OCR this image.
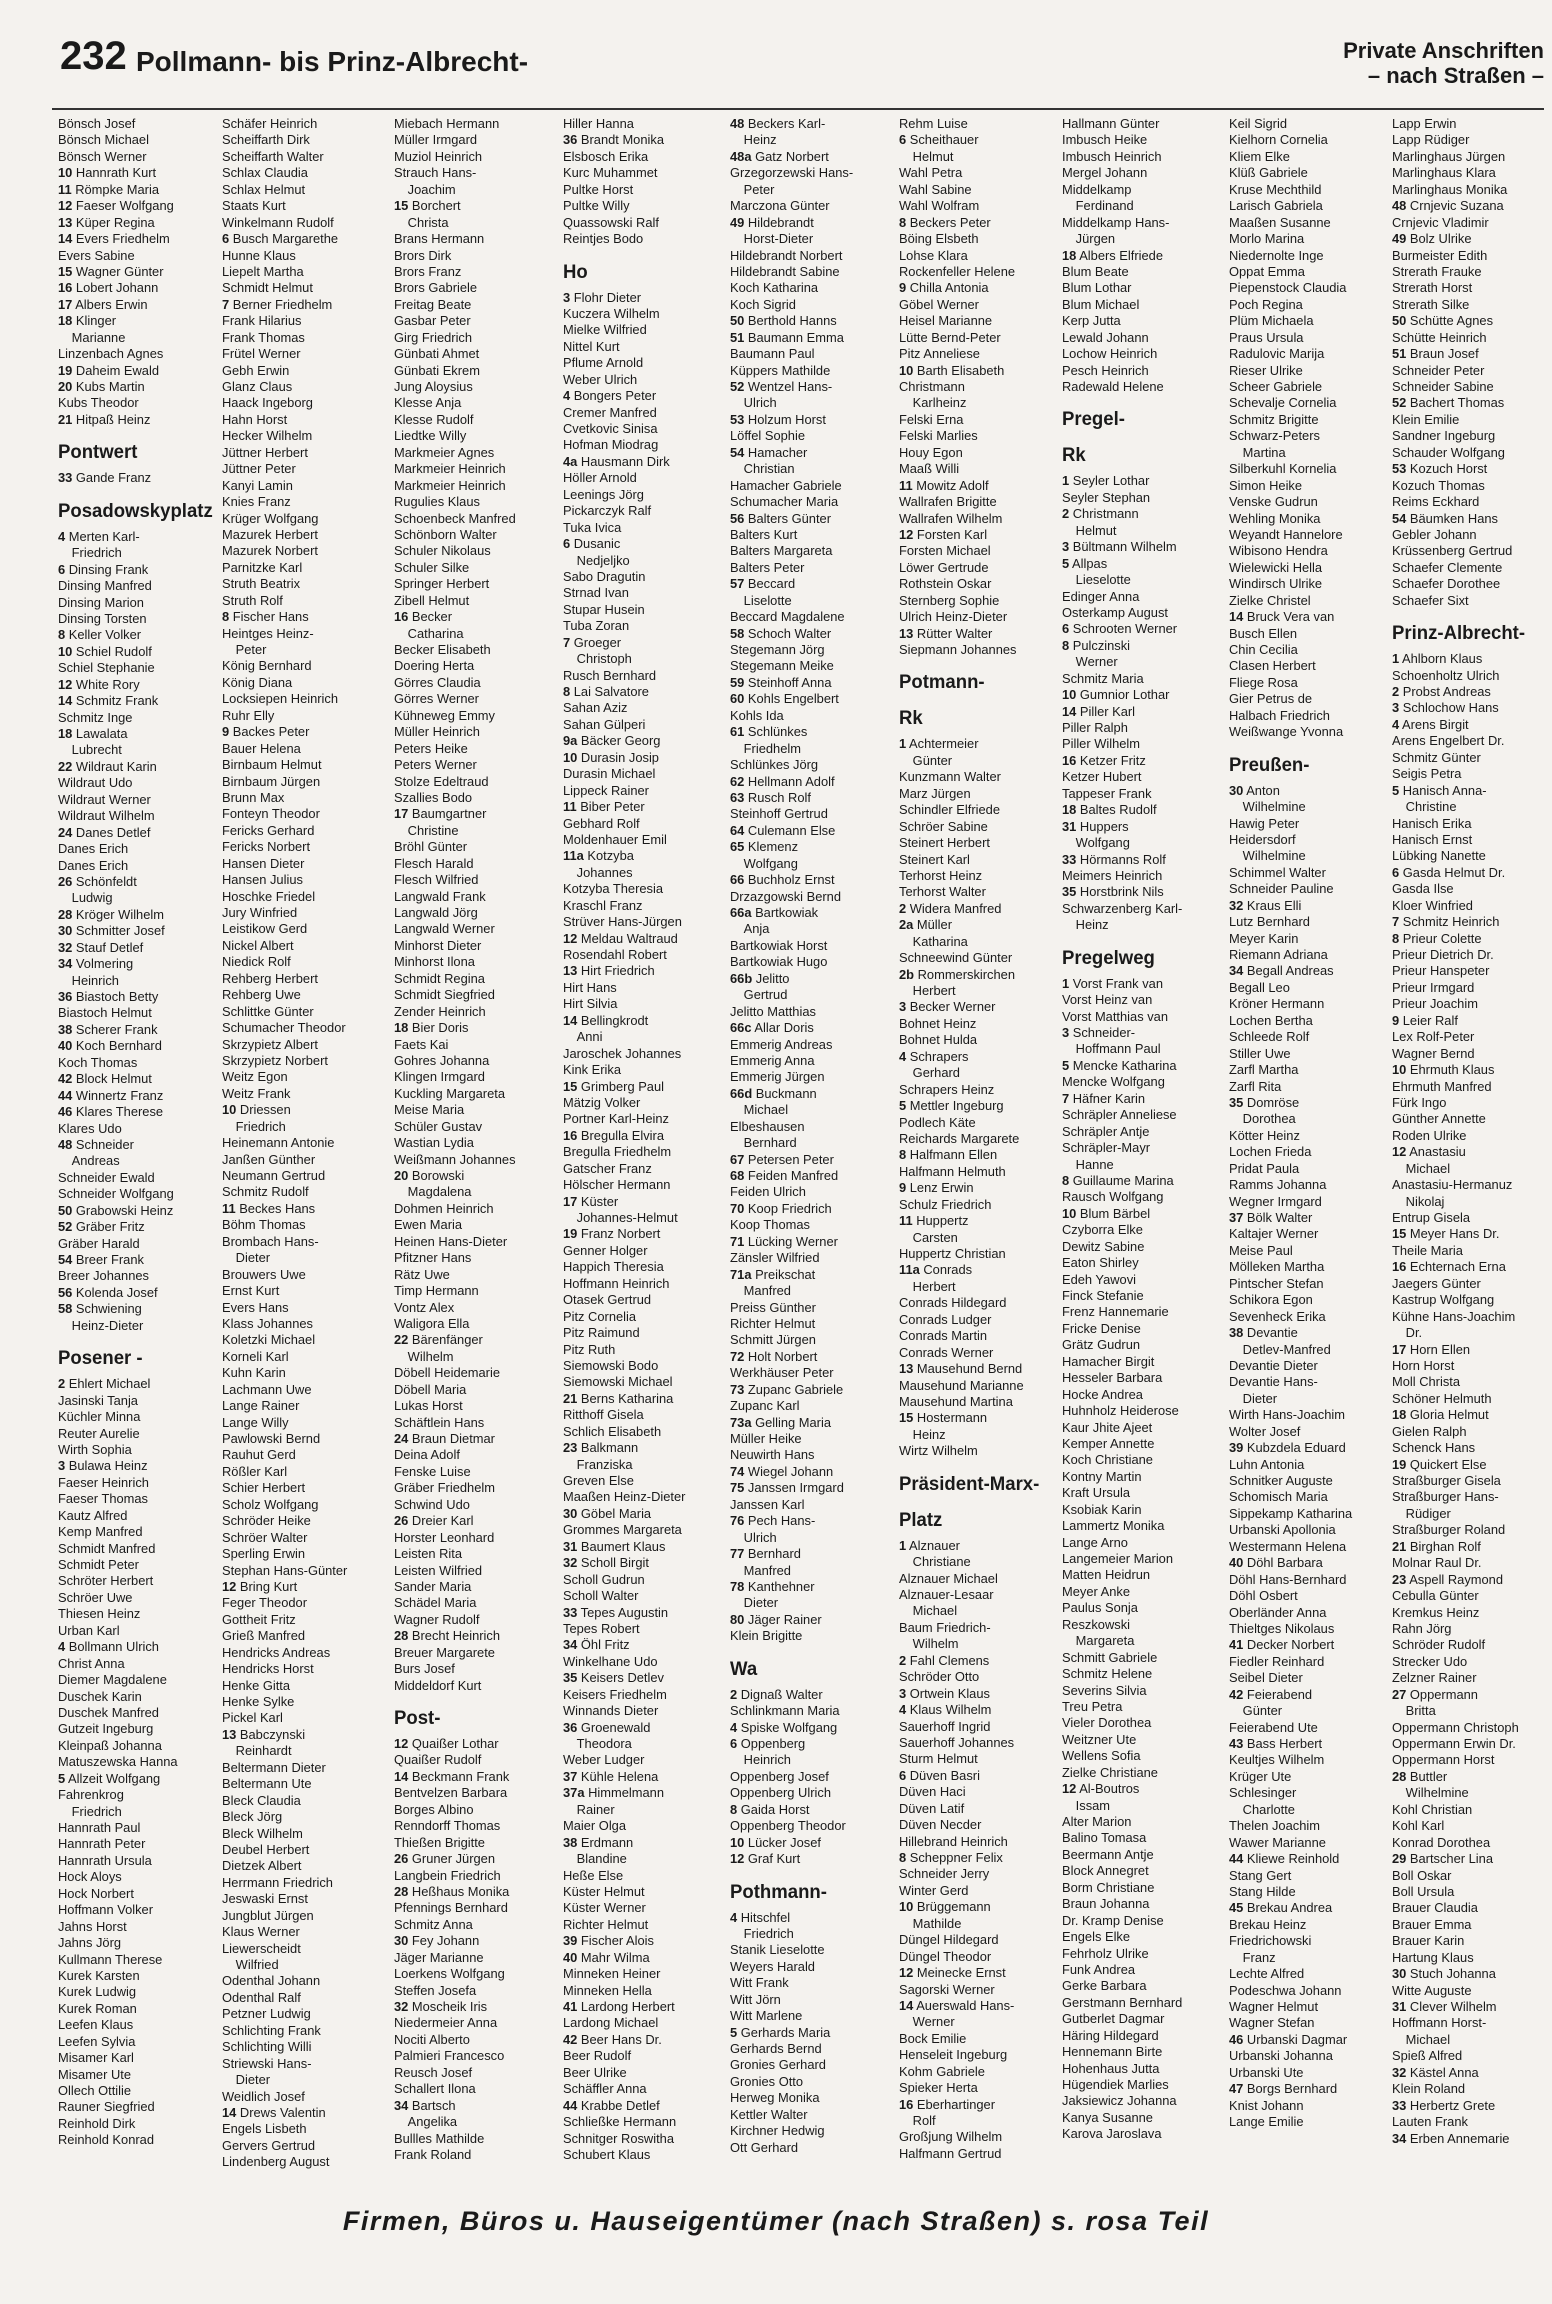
232 Pollmann- bis Prinz-Albrecht-	Private Anschriften
– nach Straßen –
Bönsch Josef
Bönsch Michael
Bönsch Werner
10 Hannrath Kurt
11 Römpke Maria
12 Faeser Wolfgang
13 Küper Regina
14 Evers Friedhelm
Evers Sabine
15 Wagner Günter
16 Lobert Johann
17 Albers Erwin
18 Klinger
Marianne
Linzenbach Agnes
19 Daheim Ewald
20 Kubs Martin
Kubs Theodor
21 Hitpaß Heinz
Pontwert
33 Gande Franz
Posadowskyplatz
4 Merten Karl-
Friedrich
6 Dinsing Frank
Dinsing Manfred
Dinsing Marion
Dinsing Torsten
8 Keller Volker
10 Schiel Rudolf
Schiel Stephanie
12 White Rory
14 Schmitz Frank
Schmitz Inge
18 Lawalata
Lubrecht
22 Wildraut Karin
Wildraut Udo
Wildraut Werner
Wildraut Wilhelm
24 Danes Detlef
Danes Erich
Danes Erich
26 Schönfeldt
Ludwig
28 Kröger Wilhelm
30 Schmitter Josef
32 Stauf Detlef
34 Volmering
Heinrich
36 Biastoch Betty
Biastoch Helmut
38 Scherer Frank
40 Koch Bernhard
Koch Thomas
42 Block Helmut
44 Winnertz Franz
46 Klares Therese
Klares Udo
48 Schneider
Andreas
Schneider Ewald
Schneider Wolfgang
50 Grabowski Heinz
52 Gräber Fritz
Gräber Harald
54 Breer Frank
Breer Johannes
56 Kolenda Josef
58 Schwiening
Heinz-Dieter
Posener -
2 Ehlert Michael
Jasinski Tanja
Küchler Minna
Reuter Aurelie
Wirth Sophia
3 Bulawa Heinz
Faeser Heinrich
Faeser Thomas
Kautz Alfred
Kemp Manfred
Schmidt Manfred
Schmidt Peter
Schröter Herbert
Schröer Uwe
Thiesen Heinz
Urban Karl
4 Bollmann Ulrich
Christ Anna
Diemer Magdalene
Duschek Karin
Duschek Manfred
Gutzeit Ingeburg
Kleinpaß Johanna
Matuszewska Hanna
5 Allzeit Wolfgang
Fahrenkrog
Friedrich
Hannrath Paul
Hannrath Peter
Hannrath Ursula
Hock Aloys
Hock Norbert
Hoffmann Volker
Jahns Horst
Jahns Jörg
Kullmann Therese
Kurek Karsten
Kurek Ludwig
Kurek Roman
Leefen Klaus
Leefen Sylvia
Misamer Karl
Misamer Ute
Ollech Ottilie
Rauner Siegfried
Reinhold Dirk
Reinhold Konrad
Schäfer Heinrich
Scheiffarth Dirk
Scheiffarth Walter
Schlax Claudia
Schlax Helmut
Staats Kurt
Winkelmann Rudolf
6 Busch Margarethe
Hunne Klaus
Liepelt Martha
Schmidt Helmut
7 Berner Friedhelm
Frank Hilarius
Frank Thomas
Frütel Werner
Gebh Erwin
Glanz Claus
Haack Ingeborg
Hahn Horst
Hecker Wilhelm
Jüttner Herbert
Jüttner Peter
Kanyi Lamin
Knies Franz
Krüger Wolfgang
Mazurek Herbert
Mazurek Norbert
Parnitzke Karl
Struth Beatrix
Struth Rolf
8 Fischer Hans
Heintges Heinz-
Peter
König Bernhard
König Diana
Locksiepen Heinrich
Ruhr Elly
9 Backes Peter
Bauer Helena
Birnbaum Helmut
Birnbaum Jürgen
Brunn Max
Fonteyn Theodor
Fericks Gerhard
Fericks Norbert
Hansen Dieter
Hansen Julius
Hoschke Friedel
Jury Winfried
Leistikow Gerd
Nickel Albert
Niedick Rolf
Rehberg Herbert
Rehberg Uwe
Schlittke Günter
Schumacher Theodor
Skrzypietz Albert
Skrzypietz Norbert
Weitz Egon
Weitz Frank
10 Driessen
Friedrich
Heinemann Antonie
Janßen Günther
Neumann Gertrud
Schmitz Rudolf
11 Beckes Hans
Böhm Thomas
Brombach Hans-
Dieter
Brouwers Uwe
Ernst Kurt
Evers Hans
Klass Johannes
Koletzki Michael
Korneli Karl
Kuhn Karin
Lachmann Uwe
Lange Rainer
Lange Willy
Pawlowski Bernd
Rauhut Gerd
Rößler Karl
Schier Herbert
Scholz Wolfgang
Schröder Heike
Schröer Walter
Sperling Erwin
Stephan Hans-Günter
12 Bring Kurt
Feger Theodor
Gottheit Fritz
Grieß Manfred
Hendricks Andreas
Hendricks Horst
Henke Gitta
Henke Sylke
Pickel Karl
13 Babczynski
Reinhardt
Beltermann Dieter
Beltermann Ute
Bleck Claudia
Bleck Jörg
Bleck Wilhelm
Deubel Herbert
Dietzek Albert
Herrmann Friedrich
Jeswaski Ernst
Jungblut Jürgen
Klaus Werner
Liewerscheidt
Wilfried
Odenthal Johann
Odenthal Ralf
Petzner Ludwig
Schlichting Frank
Schlichting Willi
Striewski Hans-
Dieter
Weidlich Josef
14 Drews Valentin
Engels Lisbeth
Gervers Gertrud
Lindenberg August
Miebach Hermann
Müller Irmgard
Muziol Heinrich
Strauch Hans-
Joachim
15 Borchert
Christa
Brans Hermann
Brors Dirk
Brors Franz
Brors Gabriele
Freitag Beate
Gasbar Peter
Girg Friedrich
Günbati Ahmet
Günbati Ekrem
Jung Aloysius
Klesse Anja
Klesse Rudolf
Liedtke Willy
Markmeier Agnes
Markmeier Heinrich
Markmeier Heinrich
Rugulies Klaus
Schoenbeck Manfred
Schönborn Walter
Schuler Nikolaus
Schuler Silke
Springer Herbert
Zibell Helmut
16 Becker
Catharina
Becker Elisabeth
Doering Herta
Görres Claudia
Görres Werner
Kühneweg Emmy
Müller Heinrich
Peters Heike
Peters Werner
Stolze Edeltraud
Szallies Bodo
17 Baumgartner
Christine
Bröhl Günter
Flesch Harald
Flesch Wilfried
Langwald Frank
Langwald Jörg
Langwald Werner
Minhorst Dieter
Minhorst Ilona
Schmidt Regina
Schmidt Siegfried
Zender Heinrich
18 Bier Doris
Faets Kai
Gohres Johanna
Klingen Irmgard
Kuckling Margareta
Meise Maria
Schüler Gustav
Wastian Lydia
Weißmann Johannes
20 Borowski
Magdalena
Dohmen Heinrich
Ewen Maria
Heinen Hans-Dieter
Pfitzner Hans
Rätz Uwe
Timp Hermann
Vontz Alex
Waligora Ella
22 Bärenfänger
Wilhelm
Döbell Heidemarie
Döbell Maria
Lukas Horst
Schäftlein Hans
24 Braun Dietmar
Deina Adolf
Fenske Luise
Gräber Friedhelm
Schwind Udo
26 Dreier Karl
Horster Leonhard
Leisten Rita
Leisten Wilfried
Sander Maria
Schädel Maria
Wagner Rudolf
28 Brecht Heinrich
Breuer Margarete
Burs Josef
Middeldorf Kurt
Post-
12 Quaißer Lothar
Quaißer Rudolf
14 Beckmann Frank
Bentvelzen Barbara
Borges Albino
Renndorff Thomas
Thießen Brigitte
26 Gruner Jürgen
Langbein Friedrich
28 Heßhaus Monika
Pfennings Bernhard
Schmitz Anna
30 Fey Johann
Jäger Marianne
Loerkens Wolfgang
Steffen Josefa
32 Moscheik Iris
Niedermeier Anna
Nociti Alberto
Palmieri Francesco
Reusch Josef
Schallert Ilona
34 Bartsch
Angelika
Bullles Mathilde
Frank Roland
Hiller Hanna
36 Brandt Monika
Elsbosch Erika
Kurc Muhammet
Pultke Horst
Pultke Willy
Quassowski Ralf
Reintjes Bodo
Ho
3 Flohr Dieter
Kuczera Wilhelm
Mielke Wilfried
Nittel Kurt
Pflume Arnold
Weber Ulrich
4 Bongers Peter
Cremer Manfred
Cvetkovic Sinisa
Hofman Miodrag
4a Hausmann Dirk
Höller Arnold
Leenings Jörg
Pickarczyk Ralf
Tuka Ivica
6 Dusanic
Nedjeljko
Sabo Dragutin
Strnad Ivan
Stupar Husein
Tuba Zoran
7 Groeger
Christoph
Rusch Bernhard
8 Lai Salvatore
Sahan Aziz
Sahan Gülperi
9a Bäcker Georg
10 Durasin Josip
Durasin Michael
Lippeck Rainer
11 Biber Peter
Gebhard Rolf
Moldenhauer Emil
11a Kotzyba
Johannes
Kotzyba Theresia
Kraschl Franz
Strüver Hans-Jürgen
12 Meldau Waltraud
Rosendahl Robert
13 Hirt Friedrich
Hirt Hans
Hirt Silvia
14 Bellingkrodt
Anni
Jaroschek Johannes
Kink Erika
15 Grimberg Paul
Mätzig Volker
Portner Karl-Heinz
16 Bregulla Elvira
Bregulla Friedhelm
Gatscher Franz
Hölscher Hermann
17 Küster
Johannes-Helmut
19 Franz Norbert
Genner Holger
Happich Theresia
Hoffmann Heinrich
Otasek Gertrud
Pitz Cornelia
Pitz Raimund
Pitz Ruth
Siemowski Bodo
Siemowski Michael
21 Berns Katharina
Ritthoff Gisela
Schlich Elisabeth
23 Balkmann
Franziska
Greven Else
Maaßen Heinz-Dieter
30 Göbel Maria
Grommes Margareta
31 Baumert Klaus
32 Scholl Birgit
Scholl Gudrun
Scholl Walter
33 Tepes Augustin
Tepes Robert
34 Öhl Fritz
Winkelhane Udo
35 Keisers Detlev
Keisers Friedhelm
Winnands Dieter
36 Groenewald
Theodora
Weber Ludger
37 Kühle Helena
37a Himmelmann
Rainer
Maier Olga
38 Erdmann
Blandine
Heße Else
Küster Helmut
Küster Werner
Richter Helmut
39 Fischer Alois
40 Mahr Wilma
Minneken Heiner
Minneken Hella
41 Lardong Herbert
Lardong Michael
42 Beer Hans Dr.
Beer Rudolf
Beer Ulrike
Schäffler Anna
44 Krabbe Detlef
Schließke Hermann
Schnitger Roswitha
Schubert Klaus
48 Beckers Karl-
Heinz
48a Gatz Norbert
Grzegorzewski Hans-
Peter
Marczona Günter
49 Hildebrandt
Horst-Dieter
Hildebrandt Norbert
Hildebrandt Sabine
Koch Katharina
Koch Sigrid
50 Berthold Hanns
51 Baumann Emma
Baumann Paul
Küppers Mathilde
52 Wentzel Hans-
Ulrich
53 Holzum Horst
Löffel Sophie
54 Hamacher
Christian
Hamacher Gabriele
Schumacher Maria
56 Balters Günter
Balters Kurt
Balters Margareta
Balters Peter
57 Beccard
Liselotte
Beccard Magdalene
58 Schoch Walter
Stegemann Jörg
Stegemann Meike
59 Steinhoff Anna
60 Kohls Engelbert
Kohls Ida
61 Schlünkes
Friedhelm
Schlünkes Jörg
62 Hellmann Adolf
63 Rusch Rolf
Steinhoff Gertrud
64 Culemann Else
65 Klemenz
Wolfgang
66 Buchholz Ernst
Drzazgowski Bernd
66a Bartkowiak
Anja
Bartkowiak Horst
Bartkowiak Hugo
66b Jelitto
Gertrud
Jelitto Matthias
66c Allar Doris
Emmerig Andreas
Emmerig Anna
Emmerig Jürgen
66d Buckmann
Michael
Elbeshausen
Bernhard
67 Petersen Peter
68 Feiden Manfred
Feiden Ulrich
70 Koop Friedrich
Koop Thomas
71 Lücking Werner
Zänsler Wilfried
71a Preikschat
Manfred
Preiss Günther
Richter Helmut
Schmitt Jürgen
72 Holt Norbert
Werkhäuser Peter
73 Zupanc Gabriele
Zupanc Karl
73a Gelling Maria
Müller Heike
Neuwirth Hans
74 Wiegel Johann
75 Janssen Irmgard
Janssen Karl
76 Pech Hans-
Ulrich
77 Bernhard
Manfred
78 Kanthehner
Dieter
80 Jäger Rainer
Klein Brigitte
Wa
2 Dignaß Walter
Schlinkmann Maria
4 Spiske Wolfgang
6 Oppenberg
Heinrich
Oppenberg Josef
Oppenberg Ulrich
8 Gaida Horst
Oppenberg Theodor
10 Lücker Josef
12 Graf Kurt
Pothmann-
4 Hitschfel
Friedrich
Stanik Lieselotte
Weyers Harald
Witt Frank
Witt Jörn
Witt Marlene
5 Gerhards Maria
Gerhards Bernd
Gronies Gerhard
Gronies Otto
Herweg Monika
Kettler Walter
Kirchner Hedwig
Ott Gerhard
Rehm Luise
6 Scheithauer
Helmut
Wahl Petra
Wahl Sabine
Wahl Wolfram
8 Beckers Peter
Böing Elsbeth
Lohse Klara
Rockenfeller Helene
9 Chilla Antonia
Göbel Werner
Heisel Marianne
Lütte Bernd-Peter
Pitz Anneliese
10 Barth Elisabeth
Christmann
Karlheinz
Felski Erna
Felski Marlies
Houy Egon
Maaß Willi
11 Mowitz Adolf
Wallrafen Brigitte
Wallrafen Wilhelm
12 Forsten Karl
Forsten Michael
Löwer Gertrude
Rothstein Oskar
Sternberg Sophie
Ulrich Heinz-Dieter
13 Rütter Walter
Siepmann Johannes
Potmann-
Rk
1 Achtermeier
Günter
Kunzmann Walter
Marz Jürgen
Schindler Elfriede
Schröer Sabine
Steinert Herbert
Steinert Karl
Terhorst Heinz
Terhorst Walter
2 Widera Manfred
2a Müller
Katharina
Schneewind Günter
2b Rommerskirchen
Herbert
3 Becker Werner
Bohnet Heinz
Bohnet Hulda
4 Schrapers
Gerhard
Schrapers Heinz
5 Mettler Ingeburg
Podlech Käte
Reichards Margarete
8 Halfmann Ellen
Halfmann Helmuth
9 Lenz Erwin
Schulz Friedrich
11 Huppertz
Carsten
Huppertz Christian
11a Conrads
Herbert
Conrads Hildegard
Conrads Ludger
Conrads Martin
Conrads Werner
13 Mausehund Bernd
Mausehund Marianne
Mausehund Martina
15 Hostermann
Heinz
Wirtz Wilhelm
Präsident-Marx-
Platz
1 Alznauer
Christiane
Alznauer Michael
Alznauer-Lesaar
Michael
Baum Friedrich-
Wilhelm
2 Fahl Clemens
Schröder Otto
3 Ortwein Klaus
4 Klaus Wilhelm
Sauerhoff Ingrid
Sauerhoff Johannes
Sturm Helmut
6 Düven Basri
Düven Haci
Düven Latif
Düven Necder
Hillebrand Heinrich
8 Scheppner Felix
Schneider Jerry
Winter Gerd
10 Brüggemann
Mathilde
Düngel Hildegard
Düngel Theodor
12 Meinecke Ernst
Sagorski Werner
14 Auerswald Hans-
Werner
Bock Emilie
Henseleit Ingeburg
Kohm Gabriele
Spieker Herta
16 Eberhartinger
Rolf
Großjung Wilhelm
Halfmann Gertrud
Hallmann Günter
Imbusch Heike
Imbusch Heinrich
Mergel Johann
Middelkamp
Ferdinand
Middelkamp Hans-
Jürgen
18 Albers Elfriede
Blum Beate
Blum Lothar
Blum Michael
Kerp Jutta
Lewald Johann
Lochow Heinrich
Pesch Heinrich
Radewald Helene
Pregel-
Rk
1 Seyler Lothar
Seyler Stephan
2 Christmann
Helmut
3 Bültmann Wilhelm
5 Allpas
Lieselotte
Edinger Anna
Osterkamp August
6 Schrooten Werner
8 Pulczinski
Werner
Schmitz Maria
10 Gumnior Lothar
14 Piller Karl
Piller Ralph
Piller Wilhelm
16 Ketzer Fritz
Ketzer Hubert
Tappeser Frank
18 Baltes Rudolf
31 Huppers
Wolfgang
33 Hörmanns Rolf
Meimers Heinrich
35 Horstbrink Nils
Schwarzenberg Karl-
Heinz
Pregelweg
1 Vorst Frank van
Vorst Heinz van
Vorst Matthias van
3 Schneider-
Hoffmann Paul
5 Mencke Katharina
Mencke Wolfgang
7 Häfner Karin
Schräpler Anneliese
Schräpler Antje
Schräpler-Mayr
Hanne
8 Guillaume Marina
Rausch Wolfgang
10 Blum Bärbel
Czyborra Elke
Dewitz Sabine
Eaton Shirley
Edeh Yawovi
Finck Stefanie
Frenz Hannemarie
Fricke Denise
Grätz Gudrun
Hamacher Birgit
Hesseler Barbara
Hocke Andrea
Huhnholz Heiderose
Kaur Jhite Ajeet
Kemper Annette
Koch Christiane
Kontny Martin
Kraft Ursula
Ksobiak Karin
Lammertz Monika
Lange Arno
Langemeier Marion
Matten Heidrun
Meyer Anke
Paulus Sonja
Reszkowski
Margareta
Schmitt Gabriele
Schmitz Helene
Severins Silvia
Treu Petra
Vieler Dorothea
Weitzner Ute
Wellens Sofia
Zielke Christiane
12 Al-Boutros
Issam
Alter Marion
Balino Tomasa
Beermann Antje
Block Annegret
Borm Christiane
Braun Johanna
Dr. Kramp Denise
Engels Elke
Fehrholz Ulrike
Funk Andrea
Gerke Barbara
Gerstmann Bernhard
Gutberlet Dagmar
Häring Hildegard
Hennemann Birte
Hohenhaus Jutta
Hügendiek Marlies
Jaksiewicz Johanna
Kanya Susanne
Karova Jaroslava
Keil Sigrid
Kielhorn Cornelia
Kliem Elke
Klüß Gabriele
Kruse Mechthild
Larisch Gabriela
Maaßen Susanne
Morlo Marina
Niedernolte Inge
Oppat Emma
Piepenstock Claudia
Poch Regina
Plüm Michaela
Praus Ursula
Radulovic Marija
Rieser Ulrike
Scheer Gabriele
Schevalje Cornelia
Schmitz Brigitte
Schwarz-Peters
Martina
Silberkuhl Kornelia
Simon Heike
Venske Gudrun
Wehling Monika
Weyandt Hannelore
Wibisono Hendra
Wielewicki Hella
Windirsch Ulrike
Zielke Christel
14 Bruck Vera van
Busch Ellen
Chin Cecilia
Clasen Herbert
Fliege Rosa
Gier Petrus de
Halbach Friedrich
Weißwange Yvonna
Preußen-
30 Anton
Wilhelmine
Hawig Peter
Heidersdorf
Wilhelmine
Schimmel Walter
Schneider Pauline
32 Kraus Elli
Lutz Bernhard
Meyer Karin
Riemann Adriana
34 Begall Andreas
Begall Leo
Kröner Hermann
Lochen Bertha
Schleede Rolf
Stiller Uwe
Zarfl Martha
Zarfl Rita
35 Domröse
Dorothea
Kötter Heinz
Lochen Frieda
Pridat Paula
Ramms Johanna
Wegner Irmgard
37 Bölk Walter
Kaltajer Werner
Meise Paul
Mölleken Martha
Pintscher Stefan
Schikora Egon
Sevenheck Erika
38 Devantie
Detlev-Manfred
Devantie Dieter
Devantie Hans-
Dieter
Wirth Hans-Joachim
Wolter Josef
39 Kubzdela Eduard
Luhn Antonia
Schnitker Auguste
Schomisch Maria
Sippekamp Katharina
Urbanski Apollonia
Westermann Helena
40 Döhl Barbara
Döhl Hans-Bernhard
Döhl Osbert
Oberländer Anna
Thieltges Nikolaus
41 Decker Norbert
Fiedler Reinhard
Seibel Dieter
42 Feierabend
Günter
Feierabend Ute
43 Bass Herbert
Keultjes Wilhelm
Krüger Ute
Schlesinger
Charlotte
Thelen Joachim
Wawer Marianne
44 Kliewe Reinhold
Stang Gert
Stang Hilde
45 Brekau Andrea
Brekau Heinz
Friedrichowski
Franz
Lechte Alfred
Podeschwa Johann
Wagner Helmut
Wagner Stefan
46 Urbanski Dagmar
Urbanski Johanna
Urbanski Ute
47 Borgs Bernhard
Knist Johann
Lange Emilie
Lapp Erwin
Lapp Rüdiger
Marlinghaus Jürgen
Marlinghaus Klara
Marlinghaus Monika
48 Crnjevic Suzana
Crnjevic Vladimir
49 Bolz Ulrike
Burmeister Edith
Strerath Frauke
Strerath Horst
Strerath Silke
50 Schütte Agnes
Schütte Heinrich
51 Braun Josef
Schneider Peter
Schneider Sabine
52 Bachert Thomas
Klein Emilie
Sandner Ingeburg
Schauder Wolfgang
53 Kozuch Horst
Kozuch Thomas
Reims Eckhard
54 Bäumken Hans
Gebler Johann
Krüssenberg Gertrud
Schaefer Clemente
Schaefer Dorothee
Schaefer Sixt
Prinz-Albrecht-
1 Ahlborn Klaus
Schoenholtz Ulrich
2 Probst Andreas
3 Schlochow Hans
4 Arens Birgit
Arens Engelbert Dr.
Schmitz Günter
Seigis Petra
5 Hanisch Anna-
Christine
Hanisch Erika
Hanisch Ernst
Lübking Nanette
6 Gasda Helmut Dr.
Gasda Ilse
Kloer Winfried
7 Schmitz Heinrich
8 Prieur Colette
Prieur Dietrich Dr.
Prieur Hanspeter
Prieur Irmgard
Prieur Joachim
9 Leier Ralf
Lex Rolf-Peter
Wagner Bernd
10 Ehrmuth Klaus
Ehrmuth Manfred
Fürk Ingo
Günther Annette
Roden Ulrike
12 Anastasiu
Michael
Anastasiu-Hermanuz
Nikolaj
Entrup Gisela
15 Meyer Hans Dr.
Theile Maria
16 Echternach Erna
Jaegers Günter
Kastrup Wolfgang
Kühne Hans-Joachim
Dr.
17 Horn Ellen
Horn Horst
Moll Christa
Schöner Helmuth
18 Gloria Helmut
Gielen Ralph
Schenck Hans
19 Quickert Else
Straßburger Gisela
Straßburger Hans-
Rüdiger
Straßburger Roland
21 Birghan Rolf
Molnar Raul Dr.
23 Aspell Raymond
Cebulla Günter
Kremkus Heinz
Rahn Jörg
Schröder Rudolf
Strecker Udo
Zelzner Rainer
27 Oppermann
Britta
Oppermann Christoph
Oppermann Erwin Dr.
Oppermann Horst
28 Buttler
Wilhelmine
Kohl Christian
Kohl Karl
Konrad Dorothea
29 Bartscher Lina
Boll Oskar
Boll Ursula
Brauer Claudia
Brauer Emma
Brauer Karin
Hartung Klaus
30 Stuch Johanna
Witte Auguste
31 Clever Wilhelm
Hoffmann Horst-
Michael
Spieß Alfred
32 Kästel Anna
Klein Roland
33 Herbertz Grete
Lauten Frank
34 Erben Annemarie
Firmen, Büros u. Hauseigentümer (nach Straßen) s. rosa Teil
